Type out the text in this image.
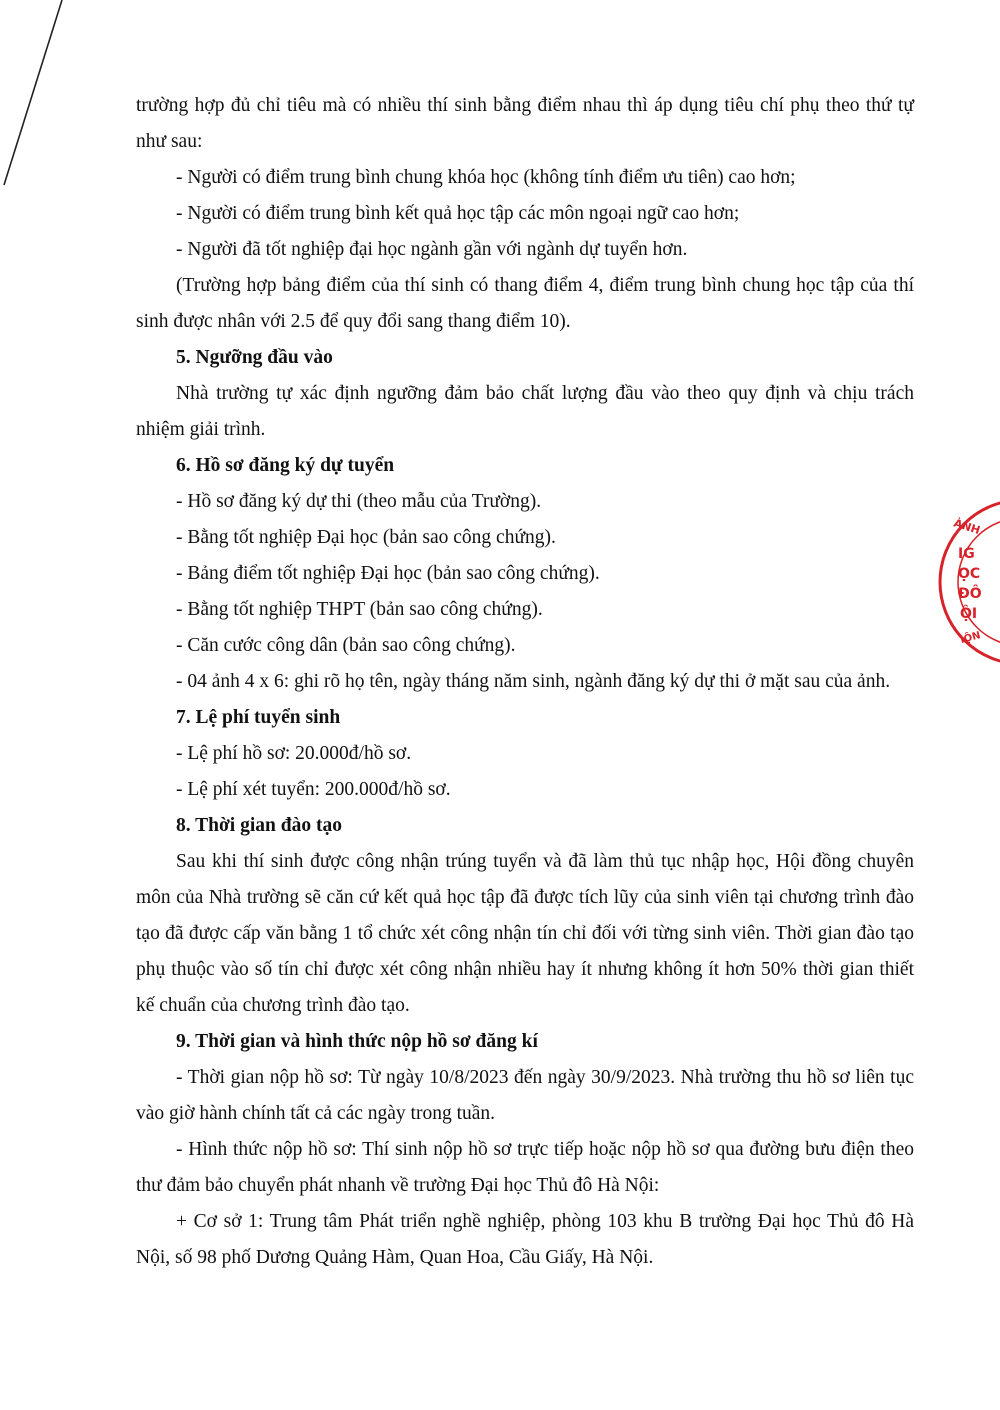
trường hợp đủ chỉ tiêu mà có nhiều thí sinh bằng điểm nhau thì áp dụng tiêu chí phụ theo thứ tự như sau:

- Người có điểm trung bình chung khóa học (không tính điểm ưu tiên) cao hơn;

- Người có điểm trung bình kết quả học tập các môn ngoại ngữ cao hơn;

- Người đã tốt nghiệp đại học ngành gần với ngành dự tuyển hơn.

(Trường hợp bảng điểm của thí sinh có thang điểm 4, điểm trung bình chung học tập của thí sinh được nhân với 2.5 để quy đổi sang thang điểm 10).

5. Ngưỡng đầu vào

Nhà trường tự xác định ngưỡng đảm bảo chất lượng đầu vào theo quy định và chịu trách nhiệm giải trình.

6. Hồ sơ đăng ký dự tuyển

- Hồ sơ đăng ký dự thi (theo mẫu của Trường).

- Bằng tốt nghiệp Đại học (bản sao công chứng).

- Bảng điểm tốt nghiệp Đại học (bản sao công chứng).

- Bằng tốt nghiệp THPT (bản sao công chứng).

- Căn cước công dân (bản sao công chứng).

- 04 ảnh 4 x 6: ghi rõ họ tên, ngày tháng năm sinh, ngành đăng ký dự thi ở mặt sau của ảnh.

7. Lệ phí tuyển sinh

- Lệ phí hồ sơ: 20.000đ/hồ sơ.

- Lệ phí xét tuyển: 200.000đ/hồ sơ.

8. Thời gian đào tạo

Sau khi thí sinh được công nhận trúng tuyển và đã làm thủ tục nhập học, Hội đồng chuyên môn của Nhà trường sẽ căn cứ kết quả học tập đã được tích lũy của sinh viên tại chương trình đào tạo đã được cấp văn bằng 1 tổ chức xét công nhận tín chỉ đối với từng sinh viên. Thời gian đào tạo phụ thuộc vào số tín chỉ được xét công nhận nhiều hay ít nhưng không ít hơn 50% thời gian thiết kế chuẩn của chương trình đào tạo.

9. Thời gian và hình thức nộp hồ sơ đăng kí

- Thời gian nộp hồ sơ: Từ ngày 10/8/2023 đến ngày 30/9/2023. Nhà trường thu hồ sơ liên tục vào giờ hành chính tất cả các ngày trong tuần.

- Hình thức nộp hồ sơ: Thí sinh nộp hồ sơ trực tiếp hoặc nộp hồ sơ qua đường bưu điện theo thư đảm bảo chuyển phát nhanh về trường Đại học Thủ đô Hà Nội:

+ Cơ sở 1: Trung tâm Phát triển nghề nghiệp, phòng 103 khu B trường Đại học Thủ đô Hà Nội, số 98 phố Dương Quảng Hàm, Quan Hoa, Cầu Giấy, Hà Nội.

ÀNH
IG
ỌC
ĐÔ
ỘI
IỘN
